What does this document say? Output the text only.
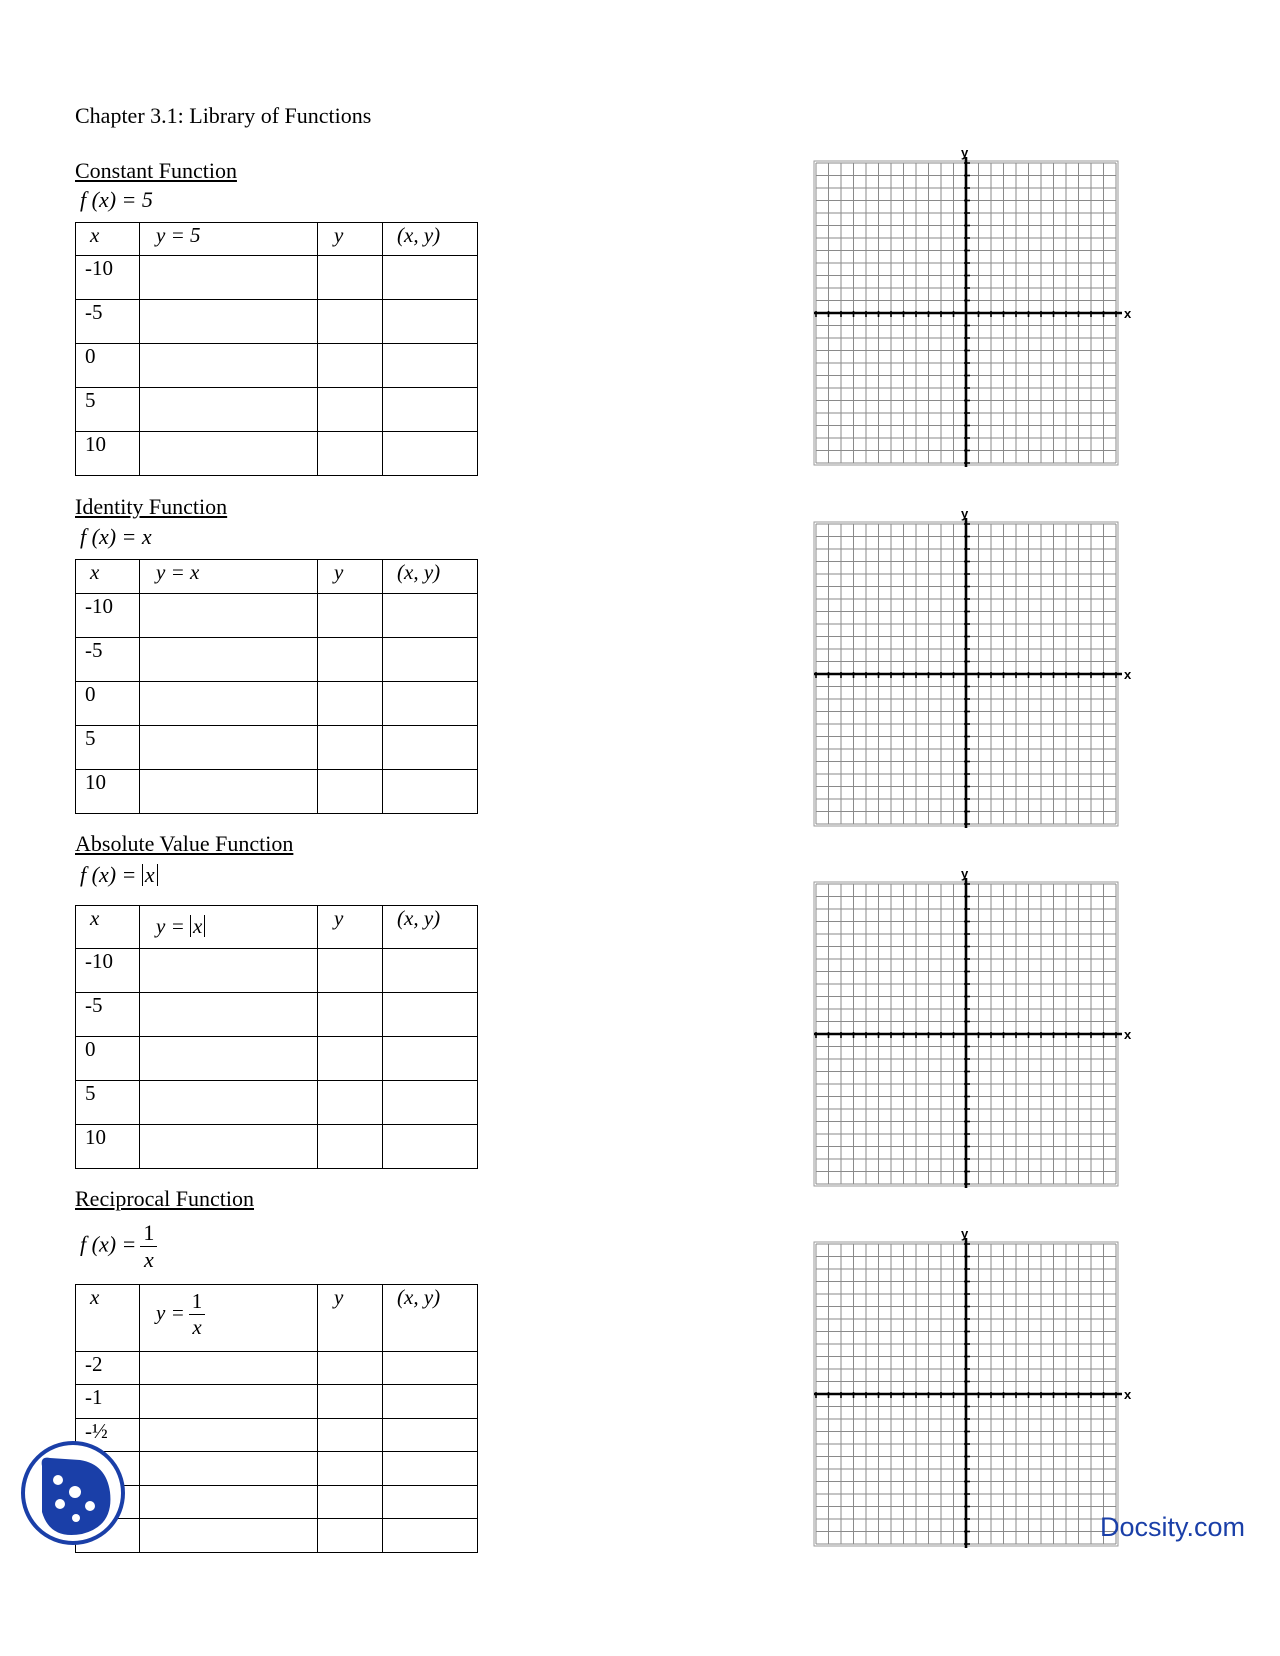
Chapter 3.1: Library of Functions
Constant Function
f (x) = 5
x	y = 5	y	(x, y)
-10			
-5			
0			
5			
10			
Identity Function
f (x) = x
x	y = x	y	(x, y)
-10			
-5			
0			
5			
10			
Absolute Value Function
f (x) = x
x	y = x	y	(x, y)
-10			
-5			
0			
5			
10			
Reciprocal Function
f $(x) = \frac{1}{x}$
x	$y = \frac{1}{x}$	y	(x, y)
-2			
-1			
-½			

y
x
y
x
y
x
y
x
Docsity.com
